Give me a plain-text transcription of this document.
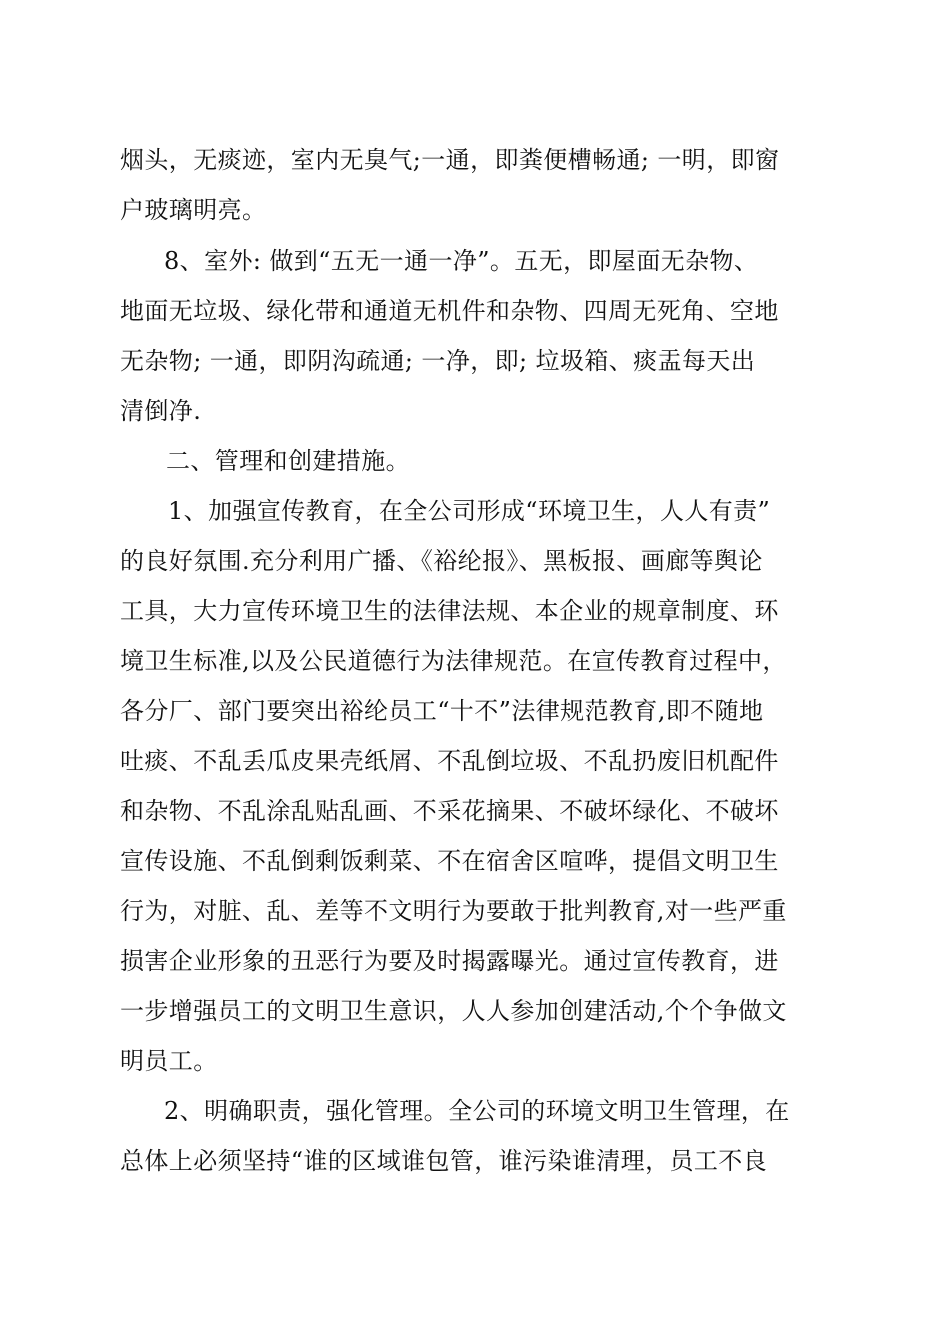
烟头，无痰迹，室内无臭气;一通，即粪便槽畅通; 一明，即窗
户玻璃明亮。
8、室外: 做到“五无一通一净”。五无，即屋面无杂物、
地面无垃圾、绿化带和通道无机件和杂物、四周无死角、空地
无杂物; 一通，即阴沟疏通; 一净，即; 垃圾箱、痰盂每天出
清倒净.
二、管理和创建措施。
1、加强宣传教育，在全公司形成“环境卫生，人人有责”
的良好氛围.充分利用广播、《裕纶报》、黑板报、画廊等舆论
工具，大力宣传环境卫生的法律法规、本企业的规章制度、环
境卫生标准,以及公民道德行为法律规范。在宣传教育过程中，
各分厂、部门要突出裕纶员工“十不”法律规范教育,即不随地
吐痰、不乱丢瓜皮果壳纸屑、不乱倒垃圾、不乱扔废旧机配件
和杂物、不乱涂乱贴乱画、不采花摘果、不破坏绿化、不破坏
宣传设施、不乱倒剩饭剩菜、不在宿舍区喧哗，提倡文明卫生
行为，对脏、乱、差等不文明行为要敢于批判教育,对一些严重
损害企业形象的丑恶行为要及时揭露曝光。通过宣传教育，进
一步增强员工的文明卫生意识，人人参加创建活动,个个争做文
明员工。
2、明确职责，强化管理。全公司的环境文明卫生管理，在
总体上必须坚持“谁的区域谁包管，谁污染谁清理，员工不良
